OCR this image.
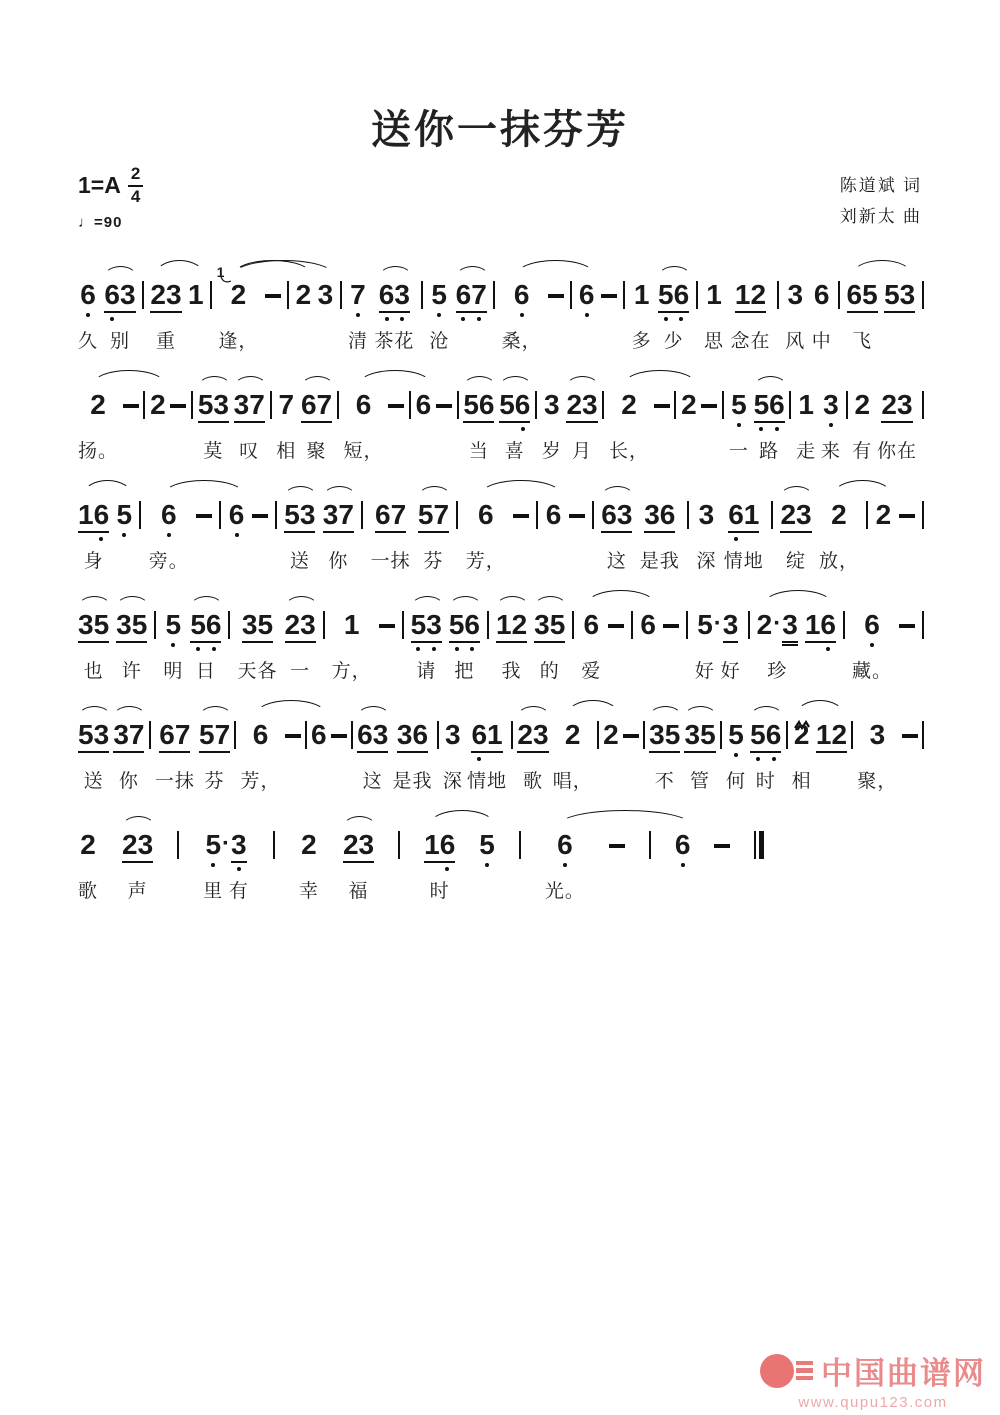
送你一抹芬芳
$1=A \frac{2}{4}$
♩=90
陈道斌 词
刘新太 曲
6
久
6 3
别
2 3
重
1
1
2
逢，
2 3 7
清
6 3
茶花
5
沧
6 7 6
桑，
6 1
多
5 6
少
1
思
1 2
念在
3
风
6
中
6 5
飞
5 3
2
扬。
2 5 3
莫
3 7
叹
7
相
6 7
聚
6
短，
6 5 6
当
5 6
喜
3
岁
2 3
月
2
长，
2 5
一
5 6
路
1
走
3
来
2
有
2 3
你在
1 6
身
5 6
旁。
6 5 3
送
3 7
你
6 7
一抹
5 7
芬
6
芳，
6 6 3
这
3 6
是我
3
深
6 1
情地
2 3
绽
2
放，
2
3 5
也
3 5
许
5
明
5 6
日
3 5
天各
2 3
一
1
方，
5 3
请
5 6
把
1 2
我
3 5
的
6
爱
6 5 · 3
好 好
2 · 3
珍
1 6 6
藏。
5 3
送
3 7
你
6 7
一抹
5 7
芬
6
芳，
6 6 3
这
3 6
是我
3
深
6 1
情地
2 3
歌
2
唱，
2 3 5
不
3 5
管
5
何
5 6
时
2
相
1 2 3
聚，
2
歌
2 3
声
5 · 3
里 有
2
幸
2 3
福
1 6
时
5 6
光。
6
中国曲谱网
www.qupu123.com
